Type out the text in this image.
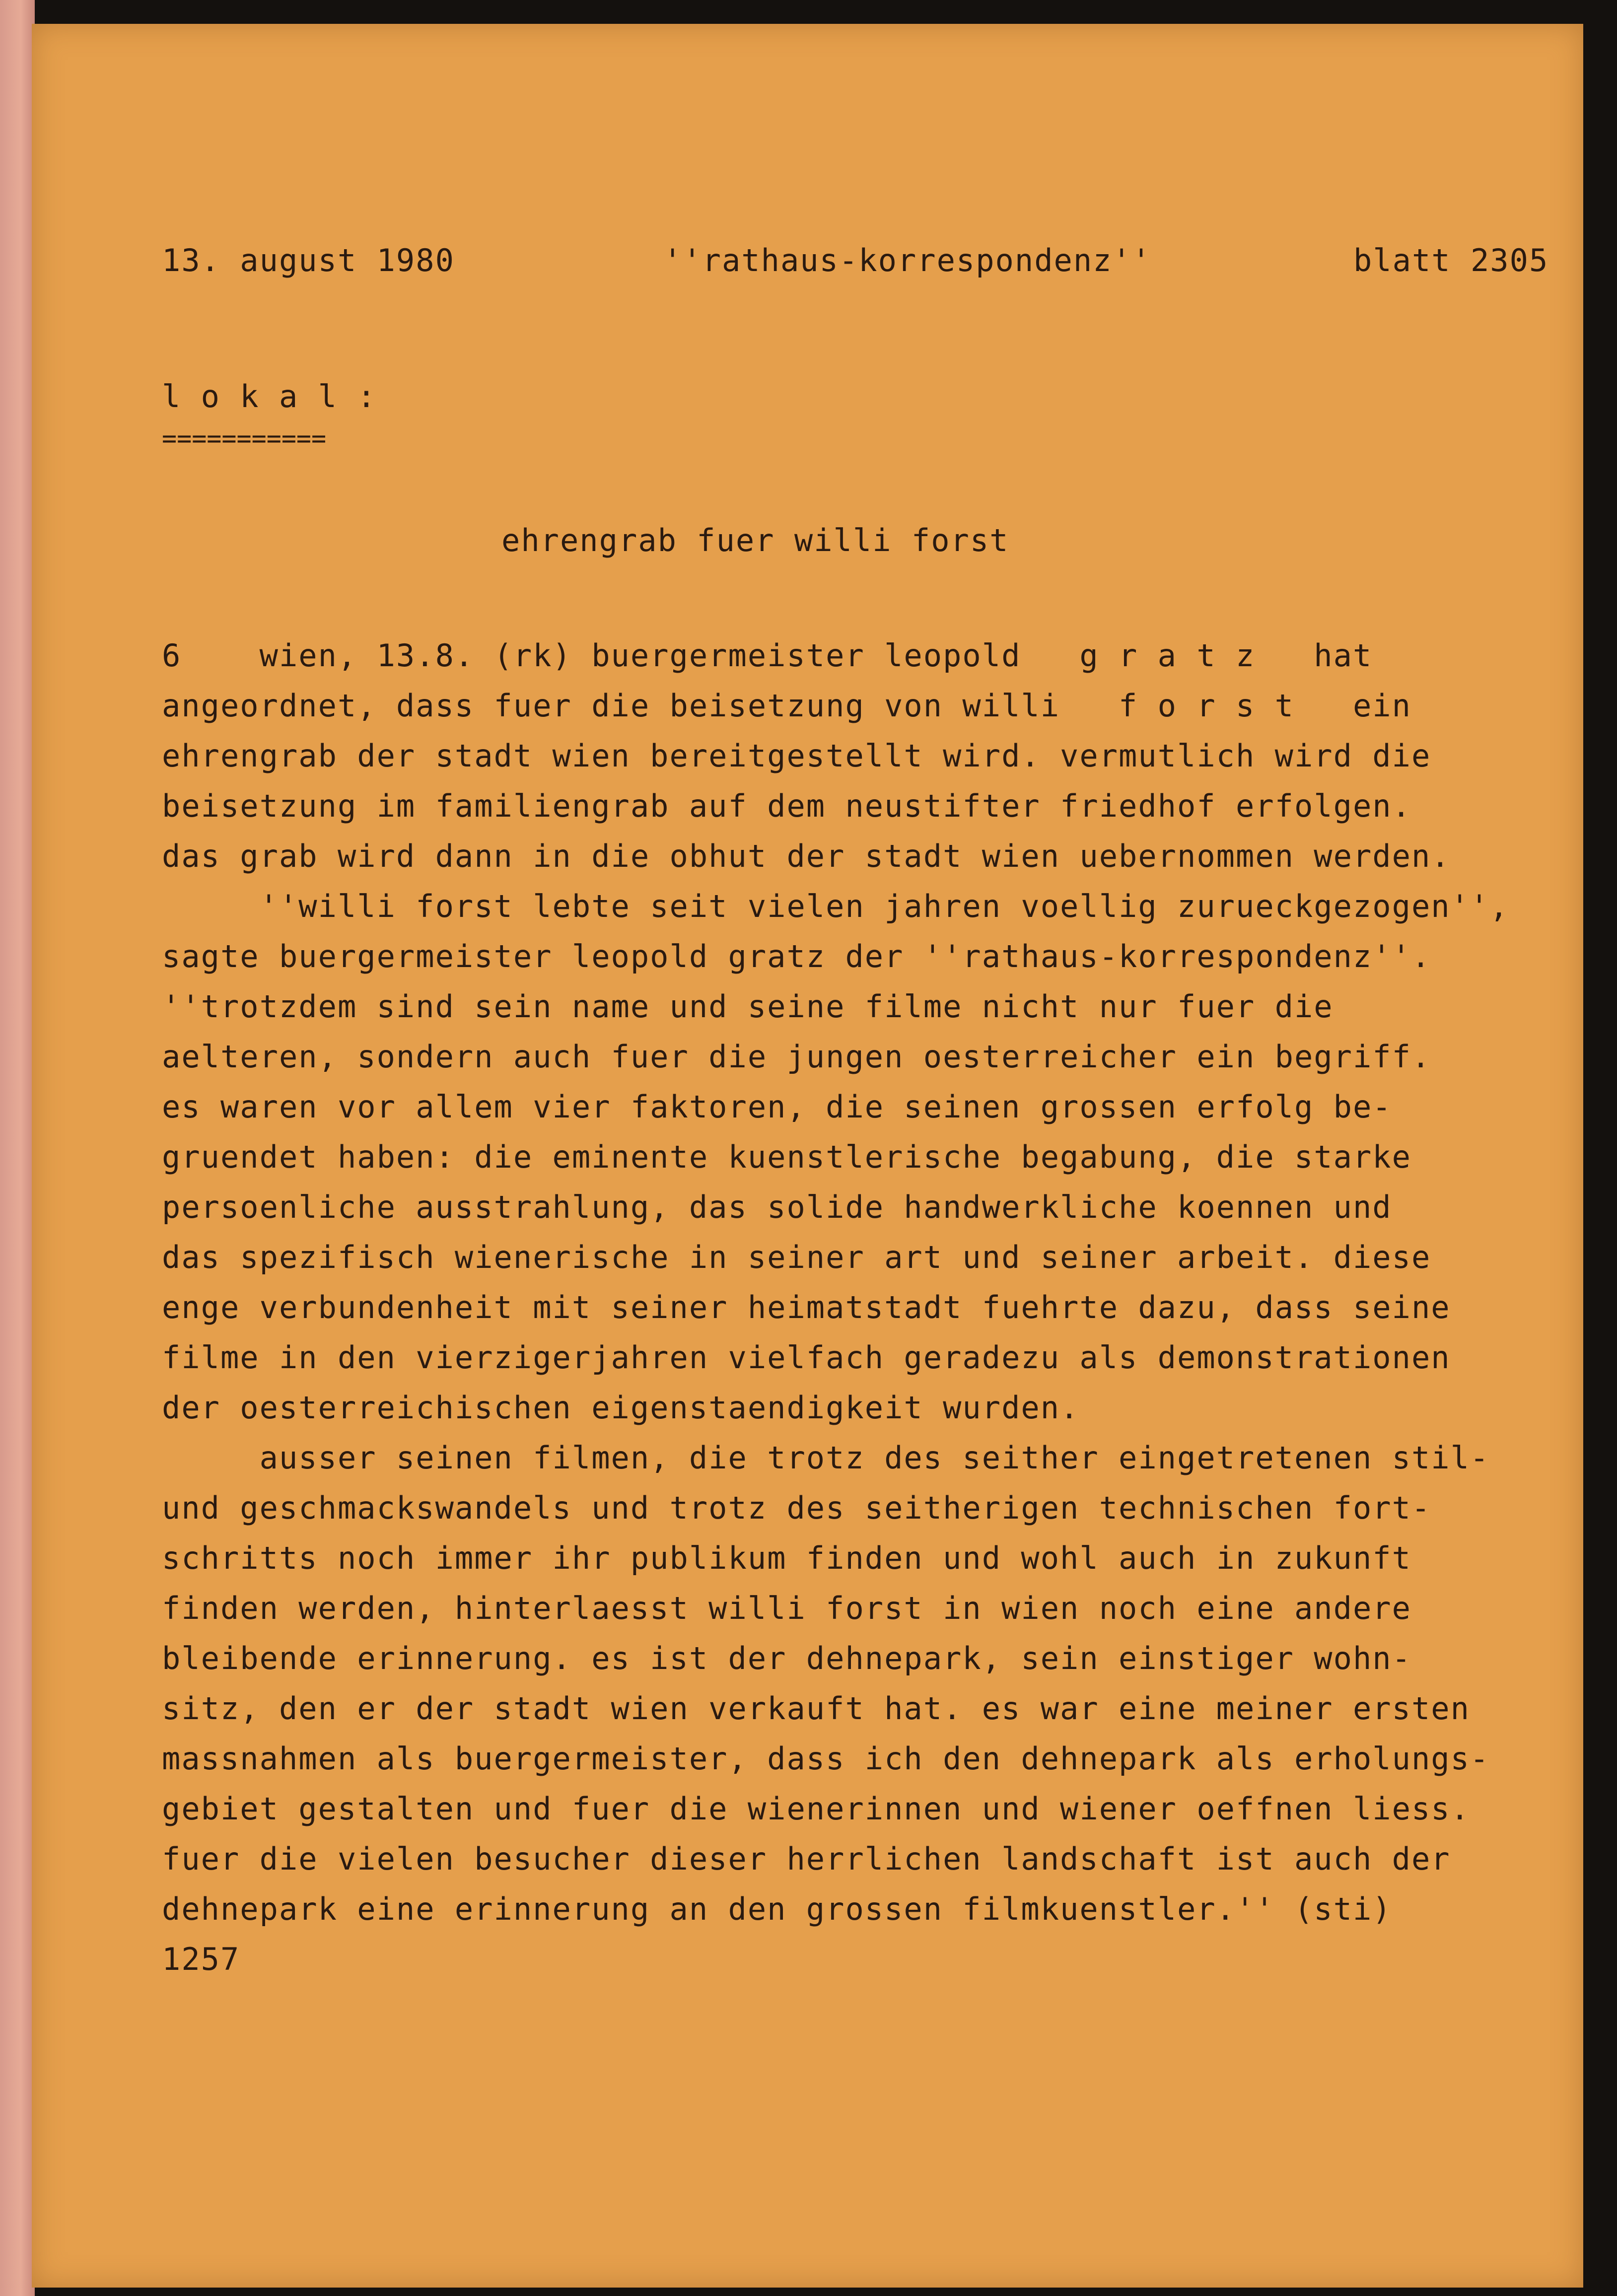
13. august 1980	''rathaus-korrespondenz''	blatt 2305
l o k a l :
===========
ehrengrab fuer willi forst
6    wien, 13.8. (rk) buergermeister leopold   g r a t z   hat
angeordnet, dass fuer die beisetzung von willi   f o r s t   ein
ehrengrab der stadt wien bereitgestellt wird. vermutlich wird die
beisetzung im familiengrab auf dem neustifter friedhof erfolgen.
das grab wird dann in die obhut der stadt wien uebernommen werden.
''willi forst lebte seit vielen jahren voellig zurueckgezogen'',
sagte buergermeister leopold gratz der ''rathaus-korrespondenz''.
''trotzdem sind sein name und seine filme nicht nur fuer die
aelteren, sondern auch fuer die jungen oesterreicher ein begriff.
es waren vor allem vier faktoren, die seinen grossen erfolg be-
gruendet haben: die eminente kuenstlerische begabung, die starke
persoenliche ausstrahlung, das solide handwerkliche koennen und
das spezifisch wienerische in seiner art und seiner arbeit. diese
enge verbundenheit mit seiner heimatstadt fuehrte dazu, dass seine
filme in den vierzigerjahren vielfach geradezu als demonstrationen
der oesterreichischen eigenstaendigkeit wurden.
ausser seinen filmen, die trotz des seither eingetretenen stil-
und geschmackswandels und trotz des seitherigen technischen fort-
schritts noch immer ihr publikum finden und wohl auch in zukunft
finden werden, hinterlaesst willi forst in wien noch eine andere
bleibende erinnerung. es ist der dehnepark, sein einstiger wohn-
sitz, den er der stadt wien verkauft hat. es war eine meiner ersten
massnahmen als buergermeister, dass ich den dehnepark als erholungs-
gebiet gestalten und fuer die wienerinnen und wiener oeffnen liess.
fuer die vielen besucher dieser herrlichen landschaft ist auch der
dehnepark eine erinnerung an den grossen filmkuenstler.'' (sti)
1257
